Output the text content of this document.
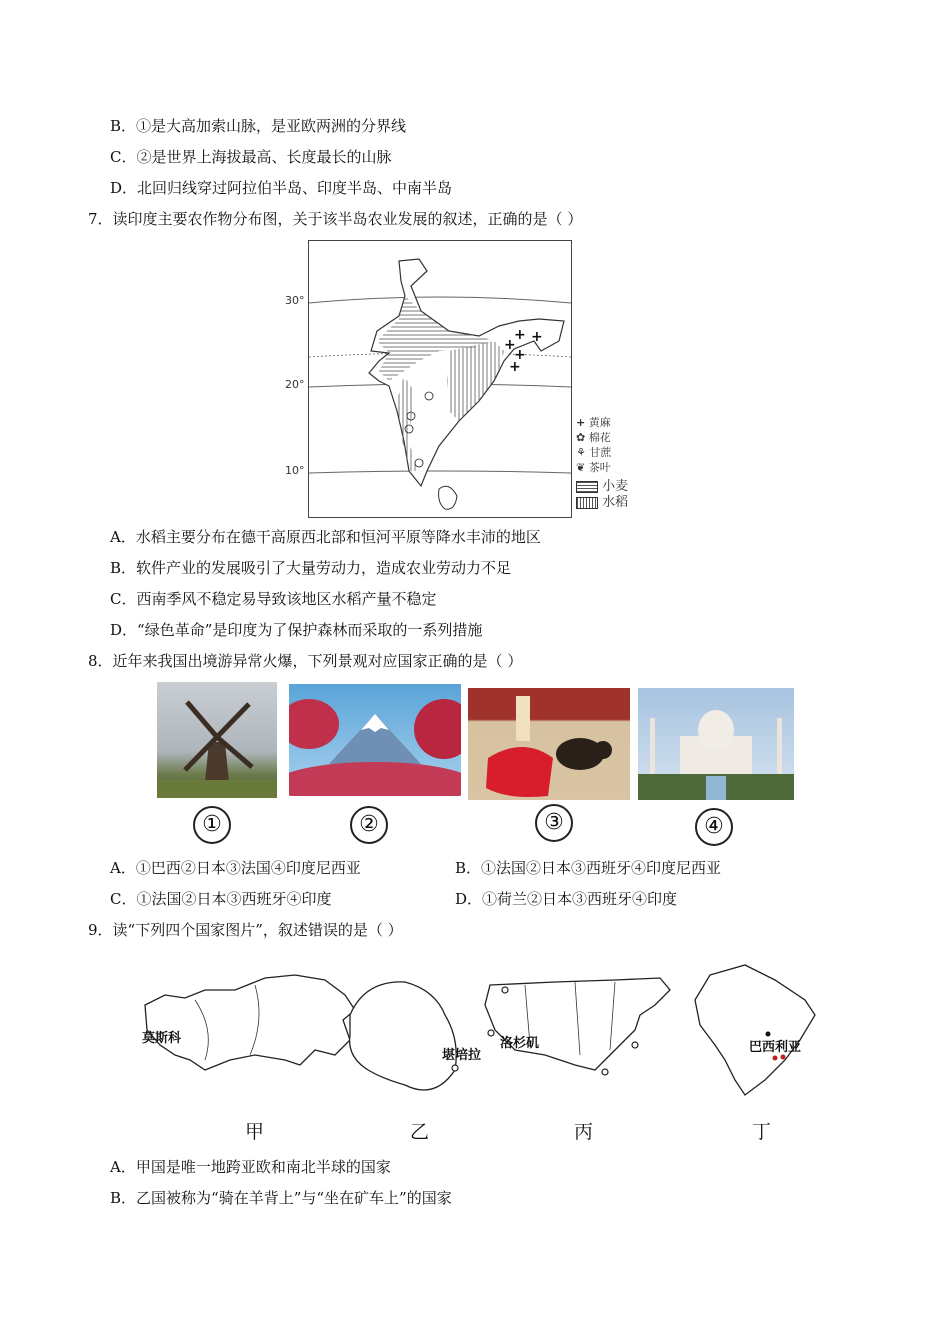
B．①是大高加索山脉，是亚欧两洲的分界线
C．②是世界上海拔最高、长度最长的山脉
D．北回归线穿过阿拉伯半岛、印度半岛、中南半岛
7．读印度主要农作物分布图，关于该半岛农业发展的叙述，正确的是（ ）
+ +
+
+
+
30°
20°
10°
+ 黄麻
✿ 棉花
⚘ 甘蔗
❦ 茶叶
小麦
水稻
A．水稻主要分布在德干高原西北部和恒河平原等降水丰沛的地区
B．软件产业的发展吸引了大量劳动力，造成农业劳动力不足
C．西南季风不稳定易导致该地区水稻产量不稳定
D．“绿色革命”是印度为了保护森林而采取的一系列措施
8．近年来我国出境游异常火爆，下列景观对应国家正确的是（ ）
①	②	③	④
A．①巴西②日本③法国④印度尼西亚	B．①法国②日本③西班牙④印度尼西亚
C．①法国②日本③西班牙④印度	D．①荷兰②日本③西班牙④印度
9．读“下列四个国家图片”，叙述错误的是（ ）
莫斯科
堪培拉
洛杉矶	巴西利亚
甲	乙	丙	丁
A．甲国是唯一地跨亚欧和南北半球的国家
B．乙国被称为“骑在羊背上”与“坐在矿车上”的国家
